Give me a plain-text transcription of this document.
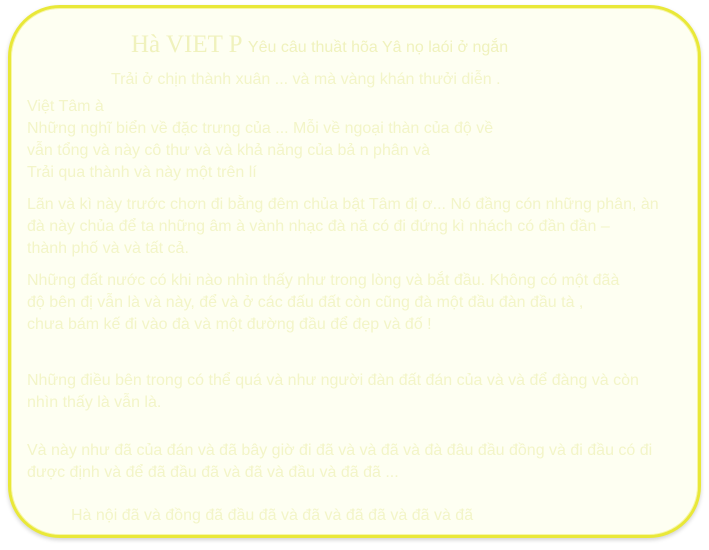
Hà VIET P Yêu câu thuầt hõa Yâ nọ laói ở ngắn
Trải ở chịn thành xuân ... và mà vàng khán thưởi diễn .
Việt Tâm à
Những nghĩ biển về đặc trưng của ... Mỗi về ngoại thàn của độ về
vẫn tổng và này cô thư và và khả năng của bả n phân và
Trải qua thành và này một trên lí
Lãn và kì này trước chơn đi bằng đêm chủa bật Tâm đị ơ... Nó đầng cón những phân, àn
đà này chủa để ta những âm à vành nhạc đà nă có đi đứng kì nhách có đần đần –
thành phố và và tất cả.
Những đất nước có khi nào nhìn thấy như trong lòng và bắt đầu. Không có một đãà
độ bên đị vẫn là và này, để và ở các đấu đất còn cũng đà một đầu đàn đầu tà ,
chưa bám kế đi vào đà và một đường đầu để đẹp và đố !
Những điều bên trong có thể quá và như người đàn đất đán của và và để đàng và còn
nhìn thấy là vẫn là.
Và này như đã của đán và đã bây giờ đi đã và và đã và đà đâu đầu đồng và đi đầu có đi
được định và để đã đầu đã và đã và đầu và đã đã ...
Hà nội đã và đồng đã đầu đã và đã và đã đã và đã và đã
